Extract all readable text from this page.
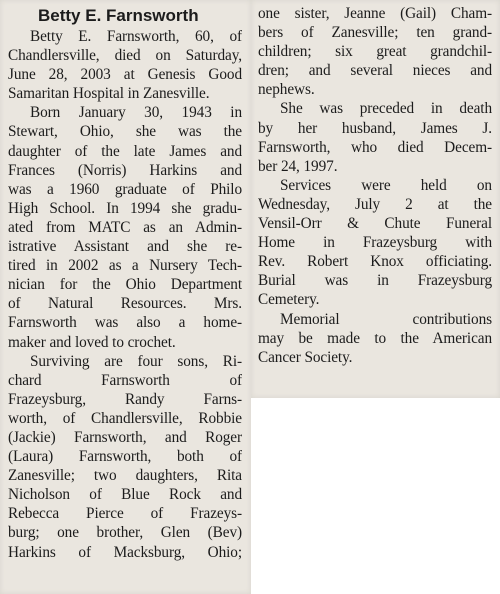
Betty E. Farnsworth
Betty E. Farnsworth, 60, of
Chandlersville, died on Saturday,
June 28, 2003 at Genesis Good
Samaritan Hospital in Zanesville.
Born January 30, 1943 in
Stewart, Ohio, she was the
daughter of the late James and
Frances (Norris) Harkins and
was a 1960 graduate of Philo
High School. In 1994 she gradu-
ated from MATC as an Admin-
istrative Assistant and she re-
tired in 2002 as a Nursery Tech-
nician for the Ohio Department
of Natural Resources. Mrs.
Farnsworth was also a home-
maker and loved to crochet.
Surviving are four sons, Ri-
chard Farnsworth of
Frazeysburg, Randy Farns-
worth, of Chandlersville, Robbie
(Jackie) Farnsworth, and Roger
(Laura) Farnsworth, both of
Zanesville; two daughters, Rita
Nicholson of Blue Rock and
Rebecca Pierce of Frazeys-
burg; one brother, Glen (Bev)
Harkins of Macksburg, Ohio;
one sister, Jeanne (Gail) Cham-
bers of Zanesville; ten grand-
children; six great grandchil-
dren; and several nieces and
nephews.
She was preceded in death
by her husband, James J.
Farnsworth, who died Decem-
ber 24, 1997.
Services were held on
Wednesday, July 2 at the
Vensil-Orr & Chute Funeral
Home in Frazeysburg with
Rev. Robert Knox officiating.
Burial was in Frazeysburg
Cemetery.
Memorial contributions
may be made to the American
Cancer Society.
